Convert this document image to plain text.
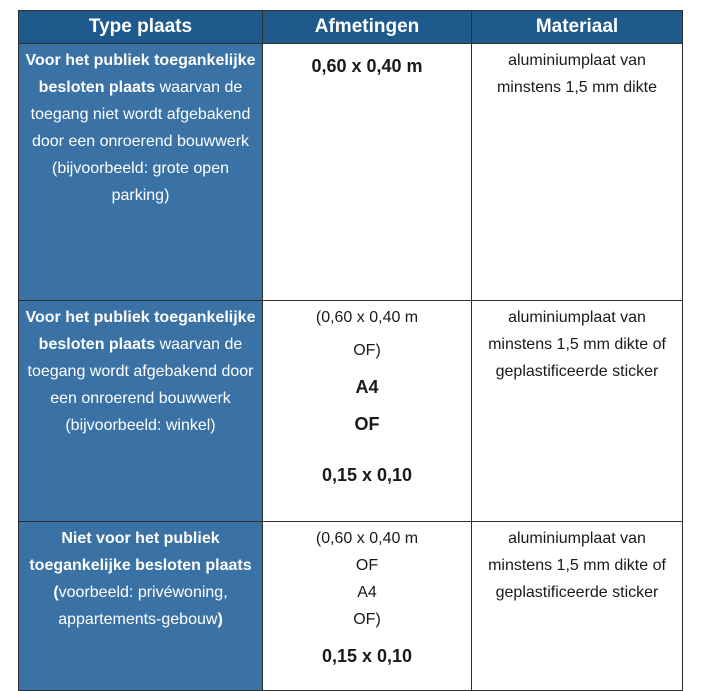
Type plaats	Afmetingen	Materiaal
Voor het publiek toegankelijke besloten plaats waarvan de toegang niet wordt afgebakend door een onroerend bouwwerk (bijvoorbeeld: grote open parking)	0,60 x 0,40 m	aluminiumplaat van minstens 1,5 mm dikte
Voor het publiek toegankelijke besloten plaats waarvan de toegang wordt afgebakend door een onroerend bouwwerk (bijvoorbeeld: winkel)	(0,60 x 0,40 m
OF)
A4
OF
0,15 x 0,10	aluminiumplaat van minstens 1,5 mm dikte of geplastificeerde sticker
Niet voor het publiek toegankelijke besloten plaats (voorbeeld: privéwoning, appartements-gebouw)	(0,60 x 0,40 m
OF
A4
OF)
0,15 x 0,10	aluminiumplaat van minstens 1,5 mm dikte of geplastificeerde sticker
